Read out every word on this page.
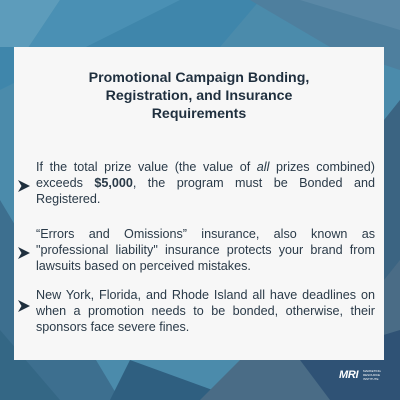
Promotional Campaign Bonding,
Registration, and Insurance
Requirements

If the total prize value (the value of all prizes combined) exceeds $5,000, the program must be Bonded and Registered.

“Errors and Omissions” insurance, also known as "professional liability" insurance protects your brand from lawsuits based on perceived mistakes.

New York, Florida, and Rhode Island all have deadlines on when a promotion needs to be bonded, otherwise, their sponsors face severe fines.

MRI MARKETING
RESOURCE
INSTITUTE
